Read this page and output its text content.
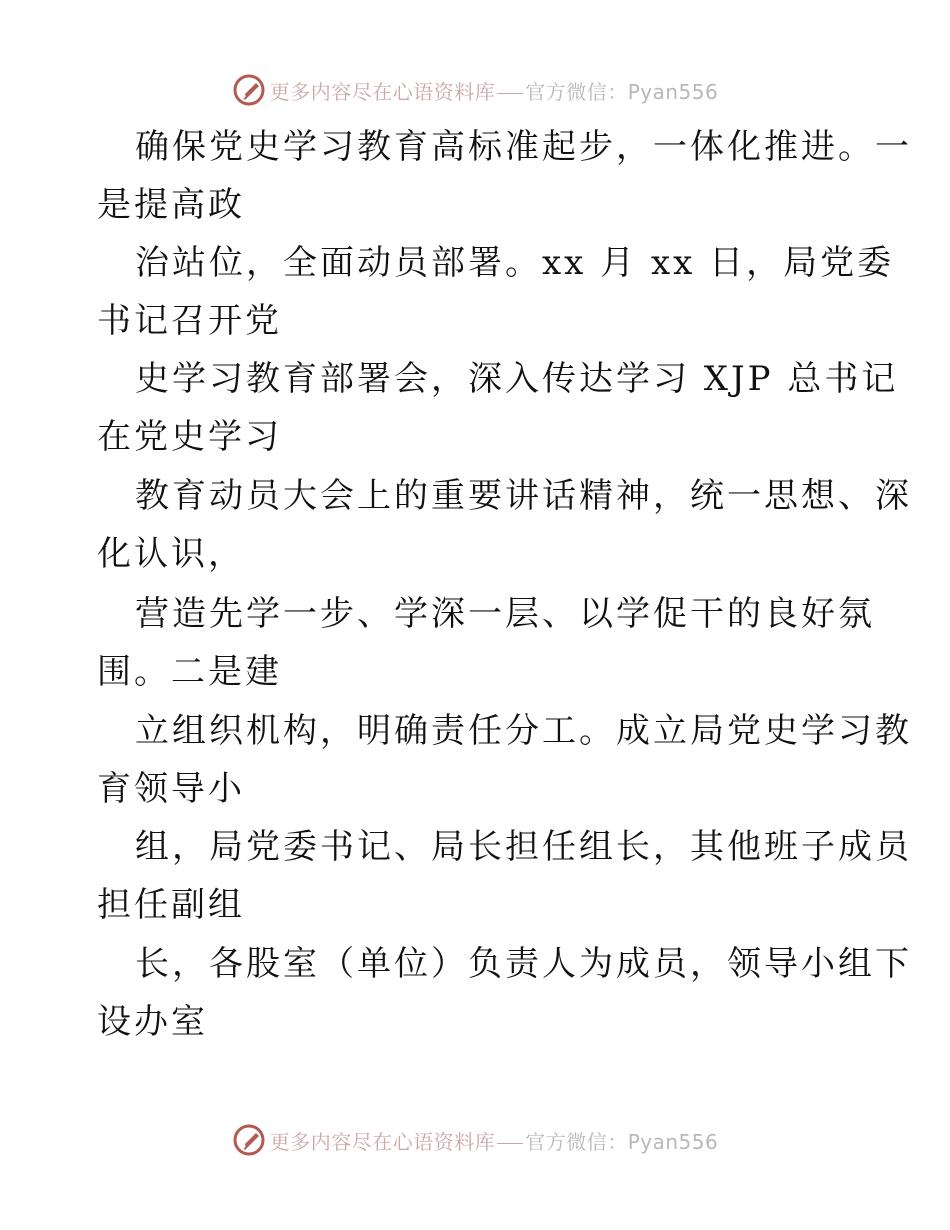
更多内容尽在心语资料库 官方微信：Pyan556

确保党史学习教育高标准起步，一体化推进。一
是提高政

治站位，全面动员部署。xx 月 xx 日，局党委
书记召开党

史学习教育部署会，深入传达学习 XJP 总书记
在党史学习

教育动员大会上的重要讲话精神，统一思想、深
化认识，

营造先学一步、学深一层、以学促干的良好氛
围。二是建

立组织机构，明确责任分工。成立局党史学习教
育领导小

组，局党委书记、局长担任组长，其他班子成员
担任副组

长，各股室（单位）负责人为成员，领导小组下
设办室

更多内容尽在心语资料库 官方微信：Pyan556
